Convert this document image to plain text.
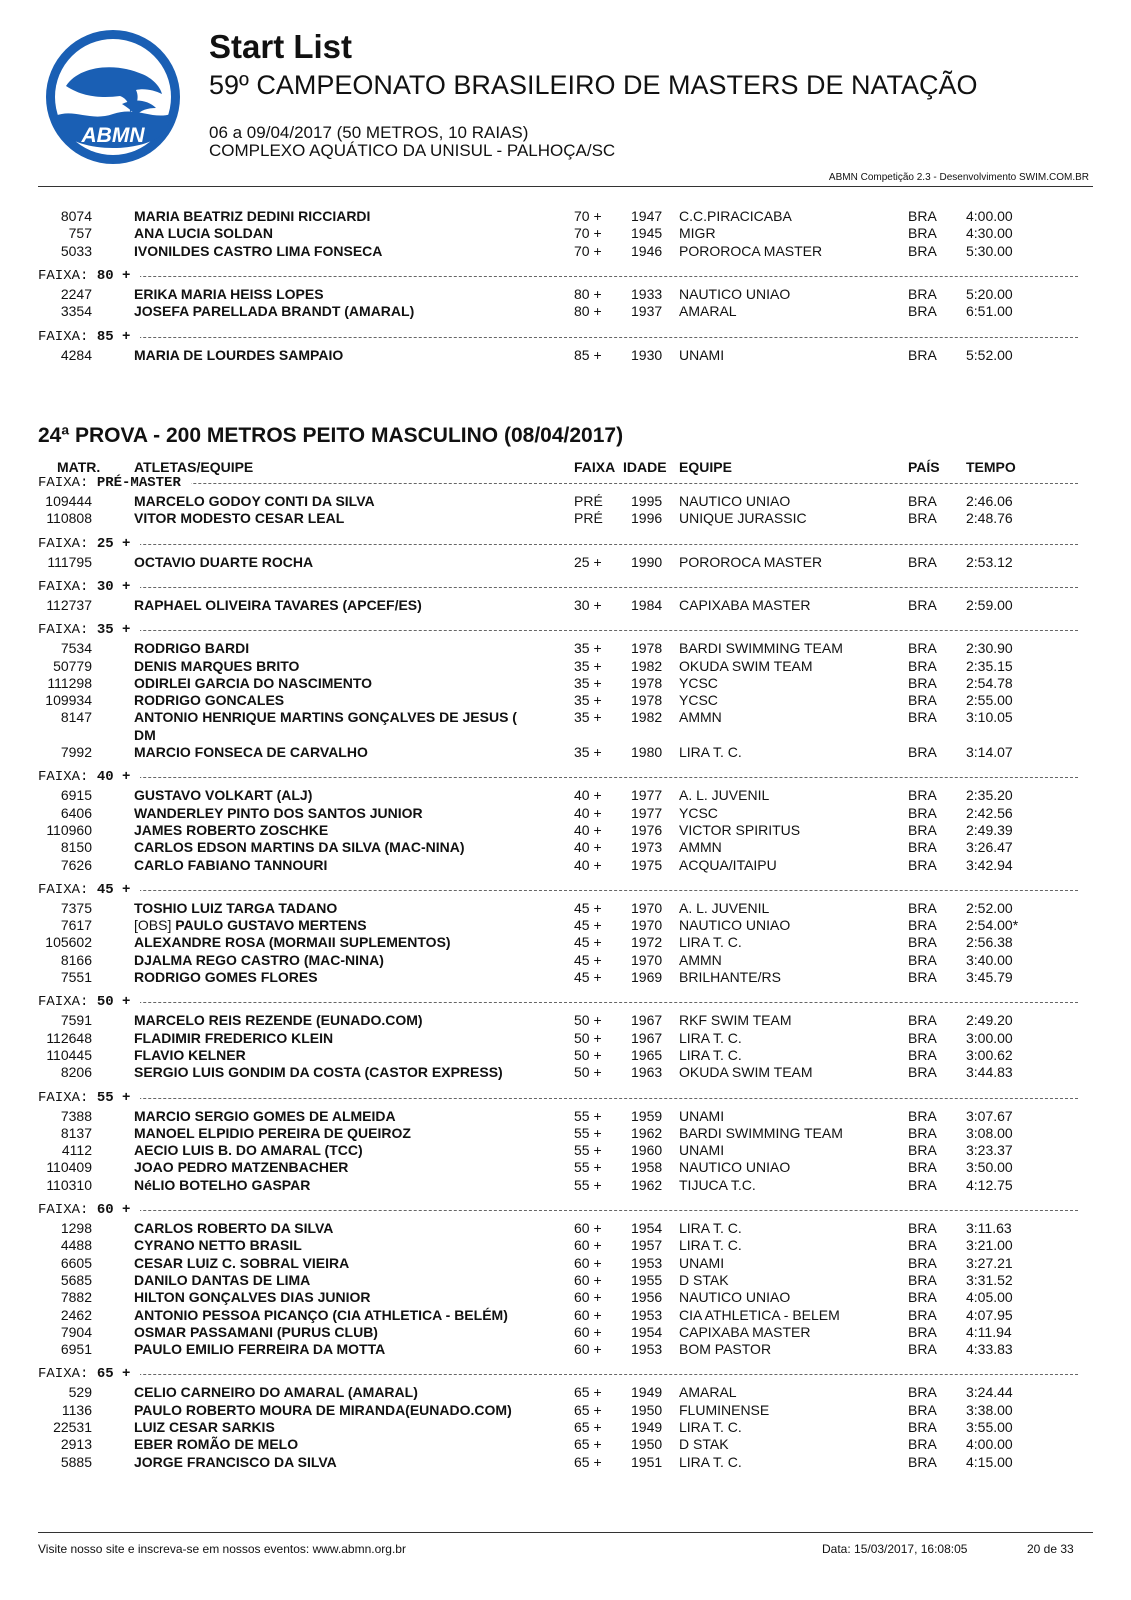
ABMN
Start List
59º CAMPEONATO BRASILEIRO DE MASTERS DE NATAÇÃO
06 a 09/04/2017 (50 METROS, 10 RAIAS)
COMPLEXO AQUÁTICO DA UNISUL - PALHOÇA/SC
ABMN Competição 2.3 - Desenvolvimento SWIM.COM.BR
24ª PROVA - 200 METROS PEITO MASCULINO (08/04/2017)
MATR. ATLETAS/EQUIPE	FAIXA IDADE EQUIPE	PAÍS TEMPO
8074	MARIA BEATRIZ DEDINI RICCIARDI	70 + 1947 C.C.PIRACICABA	BRA 4:00.00
757	ANA LUCIA SOLDAN	70 + 1945 MIGR	BRA 4:30.00
5033	IVONILDES CASTRO LIMA FONSECA	70 + 1946 POROROCA MASTER	BRA 5:30.00
FAIXA: 80 +
2247	ERIKA MARIA HEISS LOPES	80 + 1933 NAUTICO UNIAO	BRA 5:20.00
3354	JOSEFA PARELLADA BRANDT (AMARAL)	80 + 1937 AMARAL	BRA 6:51.00
FAIXA: 85 +
4284	MARIA DE LOURDES SAMPAIO	85 + 1930 UNAMI	BRA 5:52.00
FAIXA: PRÉ-MASTER
109444	MARCELO GODOY CONTI DA SILVA	PRÉ 1995 NAUTICO UNIAO	BRA 2:46.06
110808	VITOR MODESTO CESAR LEAL	PRÉ 1996 UNIQUE JURASSIC	BRA 2:48.76
FAIXA: 25 +
111795	OCTAVIO DUARTE ROCHA	25 + 1990 POROROCA MASTER	BRA 2:53.12
FAIXA: 30 +
112737	RAPHAEL OLIVEIRA TAVARES (APCEF/ES)	30 + 1984 CAPIXABA MASTER	BRA 2:59.00
FAIXA: 35 +
7534	RODRIGO BARDI	35 + 1978 BARDI SWIMMING TEAM	BRA 2:30.90
50779	DENIS MARQUES BRITO	35 + 1982 OKUDA SWIM TEAM	BRA 2:35.15
111298	ODIRLEI GARCIA DO NASCIMENTO	35 + 1978 YCSC	BRA 2:54.78
109934	RODRIGO GONCALES	35 + 1978 YCSC	BRA 2:55.00
8147	ANTONIO HENRIQUE MARTINS GONÇALVES DE JESUS (	35 + 1982 AMMN	BRA 3:10.05
DM
7992	MARCIO FONSECA DE CARVALHO	35 + 1980 LIRA T. C.	BRA 3:14.07
FAIXA: 40 +
6915	GUSTAVO VOLKART (ALJ)	40 + 1977 A. L. JUVENIL	BRA 2:35.20
6406	WANDERLEY PINTO DOS SANTOS JUNIOR	40 + 1977 YCSC	BRA 2:42.56
110960	JAMES ROBERTO ZOSCHKE	40 + 1976 VICTOR SPIRITUS	BRA 2:49.39
8150	CARLOS EDSON MARTINS DA SILVA (MAC-NINA)	40 + 1973 AMMN	BRA 3:26.47
7626	CARLO FABIANO TANNOURI	40 + 1975 ACQUA/ITAIPU	BRA 3:42.94
FAIXA: 45 +
7375	TOSHIO LUIZ TARGA TADANO	45 + 1970 A. L. JUVENIL	BRA 2:52.00
7617	[OBS] PAULO GUSTAVO MERTENS	45 + 1970 NAUTICO UNIAO	BRA 2:54.00*
105602	ALEXANDRE ROSA (MORMAII SUPLEMENTOS)	45 + 1972 LIRA T. C.	BRA 2:56.38
8166	DJALMA REGO CASTRO (MAC-NINA)	45 + 1970 AMMN	BRA 3:40.00
7551	RODRIGO GOMES FLORES	45 + 1969 BRILHANTE/RS	BRA 3:45.79
FAIXA: 50 +
7591	MARCELO REIS REZENDE (EUNADO.COM)	50 + 1967 RKF SWIM TEAM	BRA 2:49.20
112648	FLADIMIR FREDERICO KLEIN	50 + 1967 LIRA T. C.	BRA 3:00.00
110445	FLAVIO KELNER	50 + 1965 LIRA T. C.	BRA 3:00.62
8206	SERGIO LUIS GONDIM DA COSTA (CASTOR EXPRESS)	50 + 1963 OKUDA SWIM TEAM	BRA 3:44.83
FAIXA: 55 +
7388	MARCIO SERGIO GOMES DE ALMEIDA	55 + 1959 UNAMI	BRA 3:07.67
8137	MANOEL ELPIDIO PEREIRA DE QUEIROZ	55 + 1962 BARDI SWIMMING TEAM	BRA 3:08.00
4112	AECIO LUIS B. DO AMARAL (TCC)	55 + 1960 UNAMI	BRA 3:23.37
110409	JOAO PEDRO MATZENBACHER	55 + 1958 NAUTICO UNIAO	BRA 3:50.00
110310	NéLIO BOTELHO GASPAR	55 + 1962 TIJUCA T.C.	BRA 4:12.75
FAIXA: 60 +
1298	CARLOS ROBERTO DA SILVA	60 + 1954 LIRA T. C.	BRA 3:11.63
4488	CYRANO NETTO BRASIL	60 + 1957 LIRA T. C.	BRA 3:21.00
6605	CESAR LUIZ C. SOBRAL VIEIRA	60 + 1953 UNAMI	BRA 3:27.21
5685	DANILO DANTAS DE LIMA	60 + 1955 D STAK	BRA 3:31.52
7882	HILTON GONÇALVES DIAS JUNIOR	60 + 1956 NAUTICO UNIAO	BRA 4:05.00
2462	ANTONIO PESSOA PICANÇO (CIA ATHLETICA - BELÉM)	60 + 1953 CIA ATHLETICA - BELEM	BRA 4:07.95
7904	OSMAR PASSAMANI (PURUS CLUB)	60 + 1954 CAPIXABA MASTER	BRA 4:11.94
6951	PAULO EMILIO FERREIRA DA MOTTA	60 + 1953 BOM PASTOR	BRA 4:33.83
FAIXA: 65 +
529	CELIO CARNEIRO DO AMARAL (AMARAL)	65 + 1949 AMARAL	BRA 3:24.44
1136	PAULO ROBERTO MOURA DE MIRANDA(EUNADO.COM)	65 + 1950 FLUMINENSE	BRA 3:38.00
22531	LUIZ CESAR SARKIS	65 + 1949 LIRA T. C.	BRA 3:55.00
2913	EBER ROMÃO DE MELO	65 + 1950 D STAK	BRA 4:00.00
5885	JORGE FRANCISCO DA SILVA	65 + 1951 LIRA T. C.	BRA 4:15.00
Visite nosso site e inscreva-se em nossos eventos: www.abmn.org.br	Data: 15/03/2017, 16:08:05	20 de 33
